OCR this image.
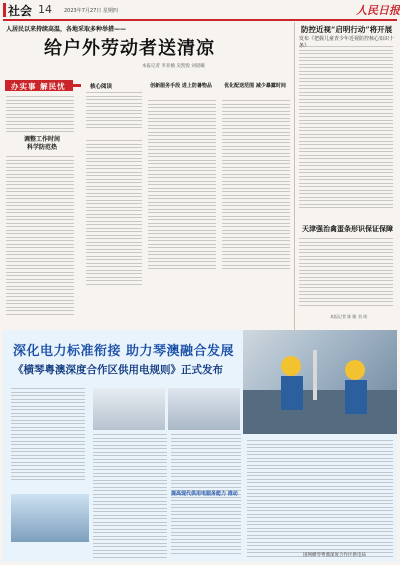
社会 14 2023年7月27日 星期四	人民日报
人居民以来持续高温，各地采取多种举措——
给户外劳动者送清凉
本报记者 李亚楠 吴凯悦 刘晨曦
防控近视“启明行动”将开展
发布《把握儿童青少年近视防控核心知识十
办实事 解民忧
调整工作时间
科学防范热
核心阅读	创新服务手段 进上防暑物品	优化配送范围 减少暴露时间
天津强治禽蛋条形识保证保障
本报记者 陈 瞻 刘 琦
深化电力标准衔接 助力琴澳融合发展
《横琴粤澳深度合作区供用电规则》正式发布
提高现代供用电服务能力 推动
国网横琴粤澳深度合作区供电局
